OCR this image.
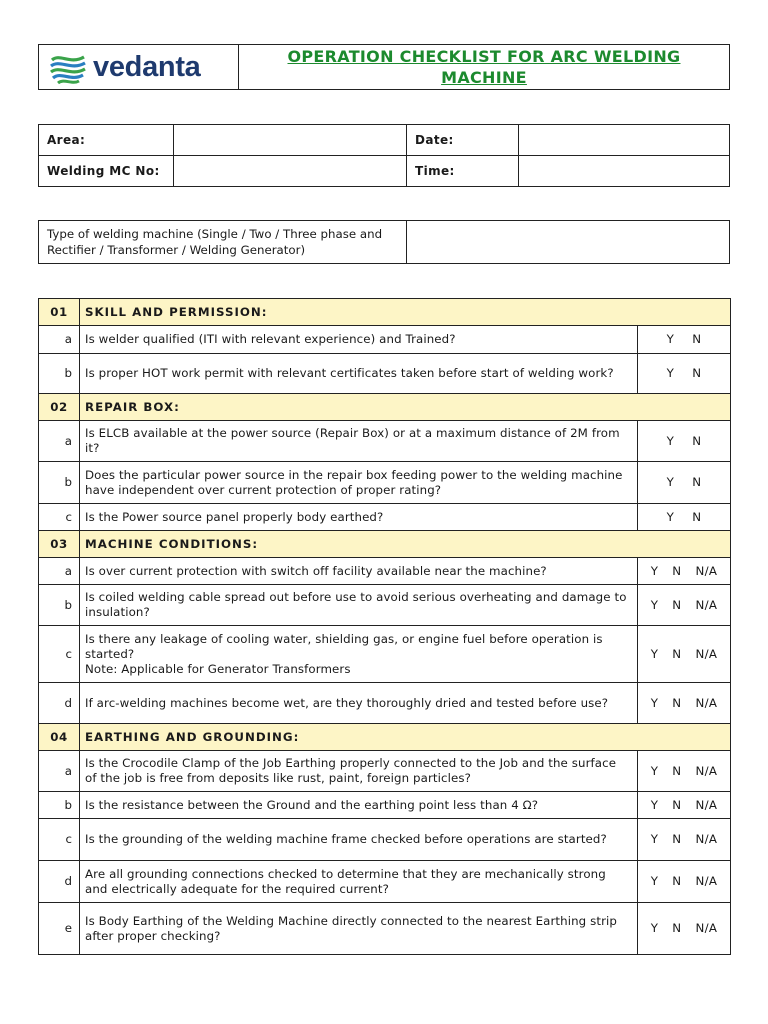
vedanta	OPERATION CHECKLIST FOR ARC WELDING MACHINE
Area:		Date:	
Welding MC No:		Time:	
Type of welding machine (Single / Two / Three phase and Rectifier / Transformer / Welding Generator)	
01	SKILL AND PERMISSION:	
a	Is welder qualified (ITI with relevant experience) and Trained?	Y N
b	Is proper HOT work permit with relevant certificates taken before start of welding work?	Y N
02	REPAIR BOX:	
a	Is ELCB available at the power source (Repair Box) or at a maximum distance of 2M from it?	Y N
b	Does the particular power source in the repair box feeding power to the welding machine have independent over current protection of proper rating?	Y N
c	Is the Power source panel properly body earthed?	Y N
03	MACHINE CONDITIONS:	
a	Is over current protection with switch off facility available near the machine?	Y N N/A
b	Is coiled welding cable spread out before use to avoid serious overheating and damage to insulation?	Y N N/A
c	Is there any leakage of cooling water, shielding gas, or engine fuel before operation is started?
Note: Applicable for Generator Transformers	Y N N/A
d	If arc-welding machines become wet, are they thoroughly dried and tested before use?	Y N N/A
04	EARTHING AND GROUNDING:	
a	Is the Crocodile Clamp of the Job Earthing properly connected to the Job and the surface of the job is free from deposits like rust, paint, foreign particles?	Y N N/A
b	Is the resistance between the Ground and the earthing point less than 4 Ω?	Y N N/A
c	Is the grounding of the welding machine frame checked before operations are started?	Y N N/A
d	Are all grounding connections checked to determine that they are mechanically strong and electrically adequate for the required current?	Y N N/A
e	Is Body Earthing of the Welding Machine directly connected to the nearest Earthing strip after proper checking?	Y N N/A
